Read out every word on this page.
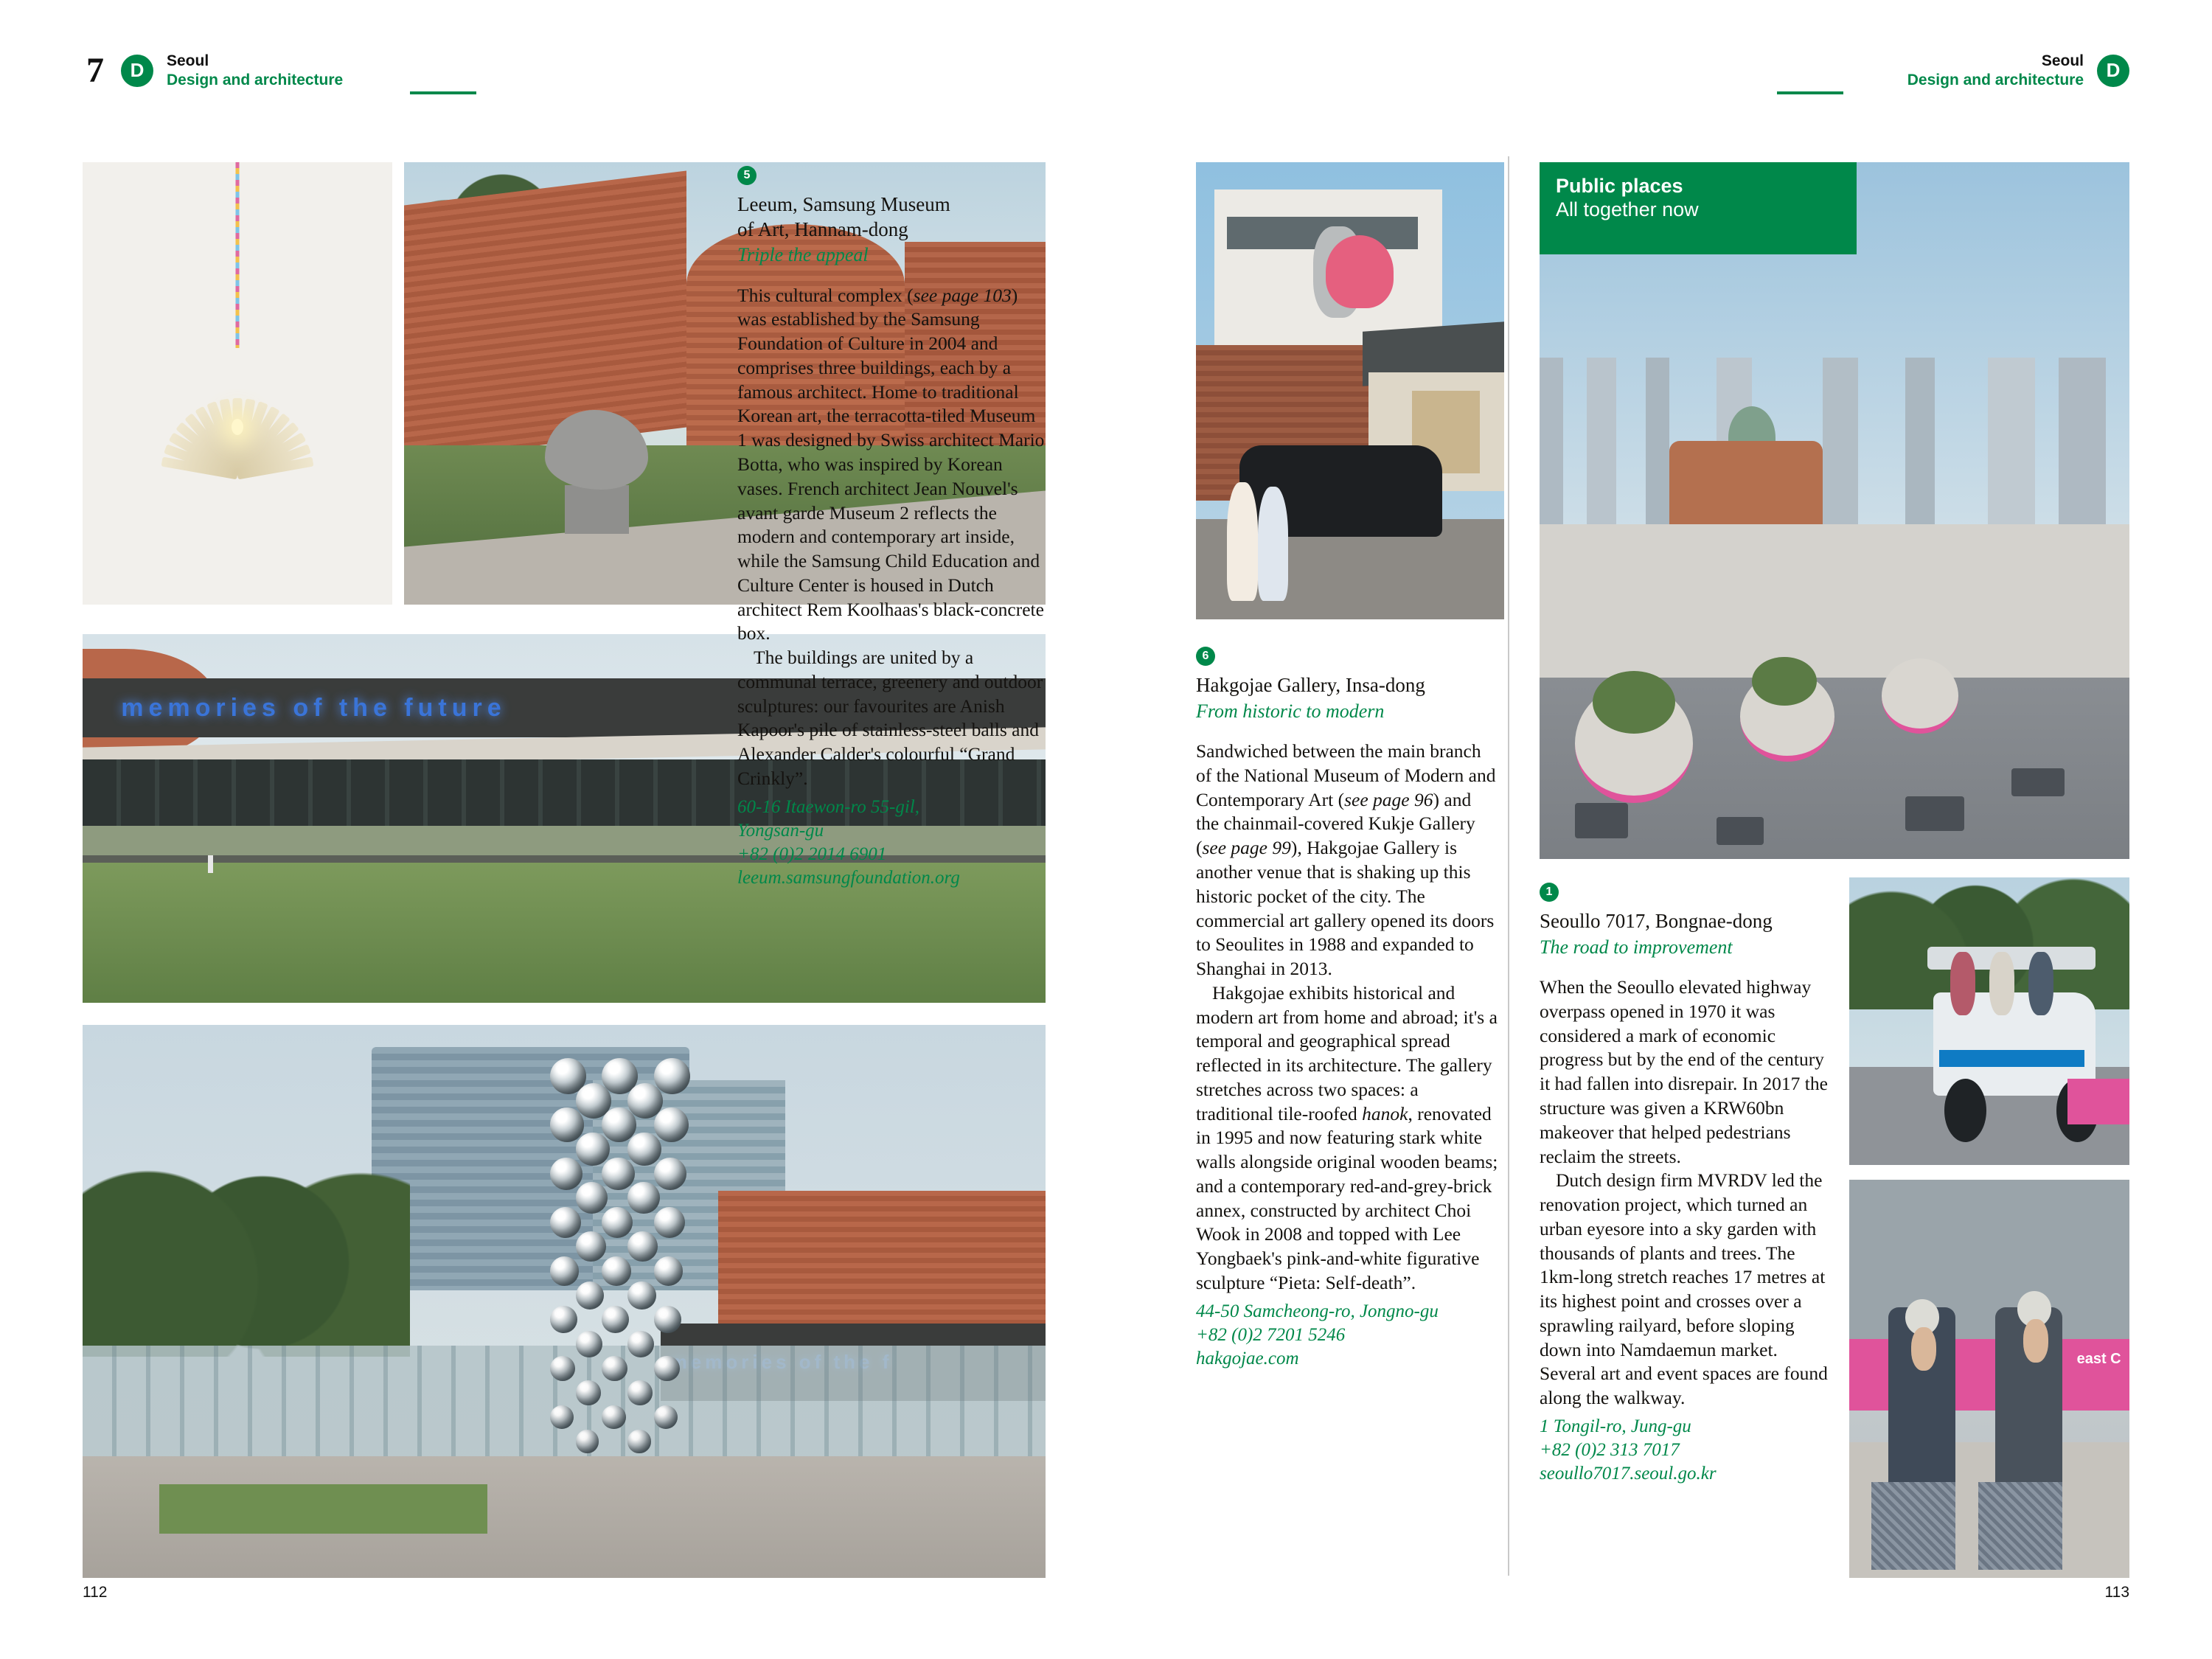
7	D	Seoul
Design and architecture
Seoul
Design and architecture	D
memories of the future
Public places
All together now
east C
5
Leeum, Samsung Museum
of Art, Hannam-dong
Triple the appeal

This cultural complex (see page 103) was established by the Samsung Foundation of Culture in 2004 and comprises three buildings, each by a famous architect. Home to traditional Korean art, the terracotta-tiled Museum 1 was designed by Swiss architect Mario Botta, who was inspired by Korean vases. French architect Jean Nouvel's avant garde Museum 2 reflects the modern and contemporary art inside, while the Samsung Child Education and Culture Center is housed in Dutch architect Rem Koolhaas's black-concrete box.

The buildings are united by a communal terrace, greenery and outdoor sculptures: our favourites are Anish Kapoor's pile of stainless-steel balls and Alexander Calder's colourful “Grand Crinkly”.

60-16 Itaewon-ro 55-gil,
Yongsan-gu
+82 (0)2 2014 6901
leeum.samsungfoundation.org
6
Hakgojae Gallery, Insa-dong
From historic to modern

Sandwiched between the main branch of the National Museum of Modern and Contemporary Art (see page 96) and the chainmail-covered Kukje Gallery (see page 99), Hakgojae Gallery is another venue that is shaking up this historic pocket of the city. The commercial art gallery opened its doors to Seoulites in 1988 and expanded to Shanghai in 2013.

Hakgojae exhibits historical and modern art from home and abroad; it's a temporal and geographical spread reflected in its architecture. The gallery stretches across two spaces: a traditional tile-roofed hanok, renovated in 1995 and now featuring stark white walls alongside original wooden beams; and a contemporary red-and-grey-brick annex, constructed by architect Choi Wook in 2008 and topped with Lee Yongbaek's pink-and-white figurative sculpture “Pieta: Self-death”.

44-50 Samcheong-ro, Jongno-gu
+82 (0)2 7201 5246
hakgojae.com
1
Seoullo 7017, Bongnae-dong
The road to improvement

When the Seoullo elevated highway overpass opened in 1970 it was considered a mark of economic progress but by the end of the century it had fallen into disrepair. In 2017 the structure was given a KRW60bn makeover that helped pedestrians reclaim the streets.

Dutch design firm MVRDV led the renovation project, which turned an urban eyesore into a sky garden with thousands of plants and trees. The 1km-long stretch reaches 17 metres at its highest point and crosses over a sprawling railyard, before sloping down into Namdaemun market. Several art and event spaces are found along the walkway.

1 Tongil-ro, Jung-gu
+82 (0)2 313 7017
seoullo7017.seoul.go.kr
112	113
